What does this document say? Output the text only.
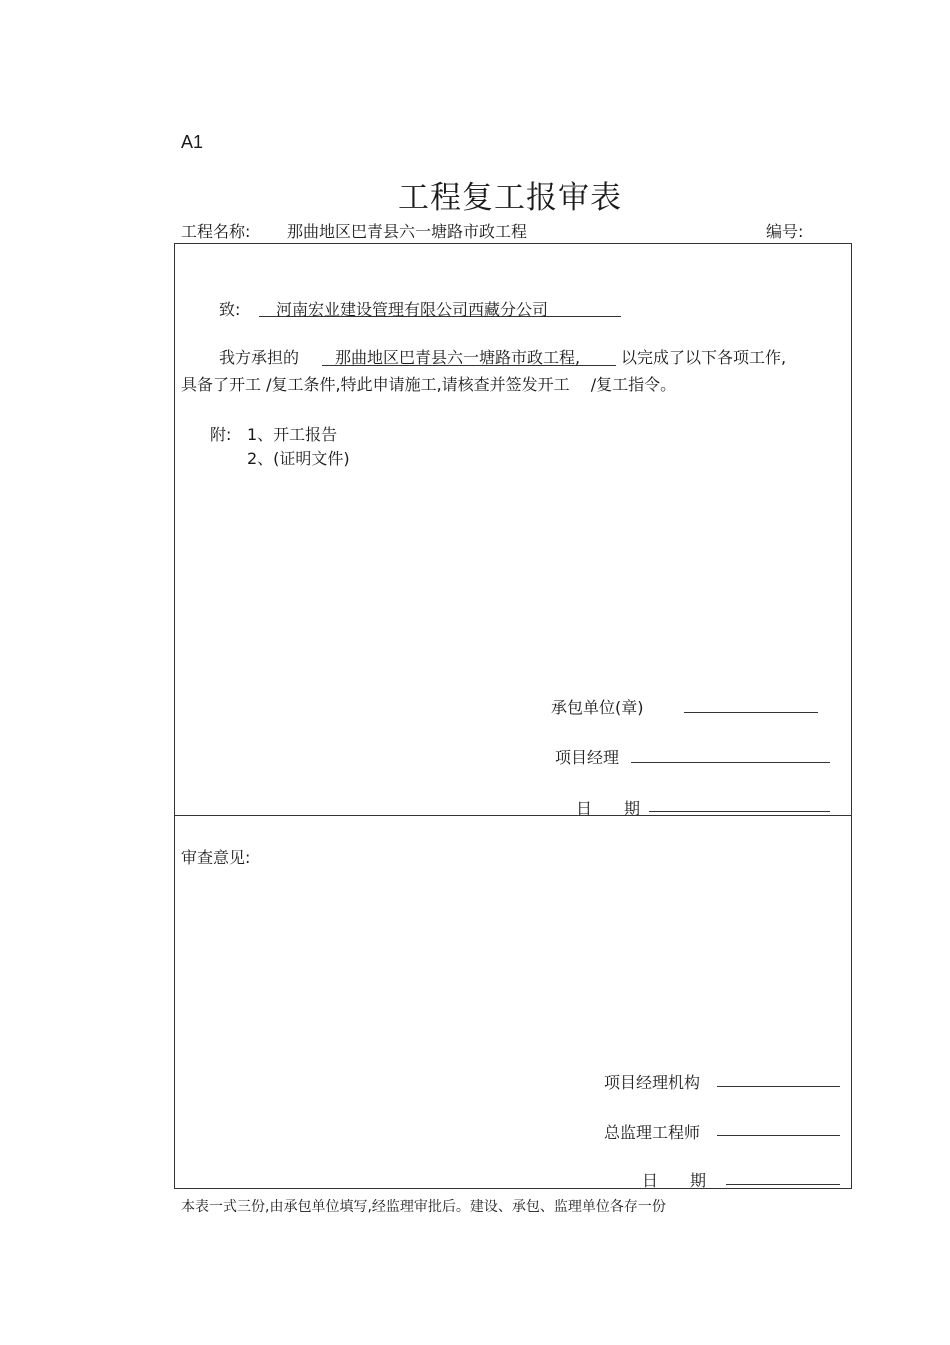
A1
工程复工报审表
工程名称: 那曲地区巴青县六一塘路市政工程	编号:
致: 河南宏业建设管理有限公司西藏分公司
我方承担的 那曲地区巴青县六一塘路市政工程,	以完成了以下各项工作,
具备了开工 /复工条件,特此申请施工,请核查并签发开工　 /复工指令。
附: 1、开工报告
2、(证明文件)
承包单位(章)
项目经理
日　　期
审查意见:
项目经理机构
总监理工程师
日　　期
本表一式三份,由承包单位填写,经监理审批后。建设、承包、监理单位各存一份
